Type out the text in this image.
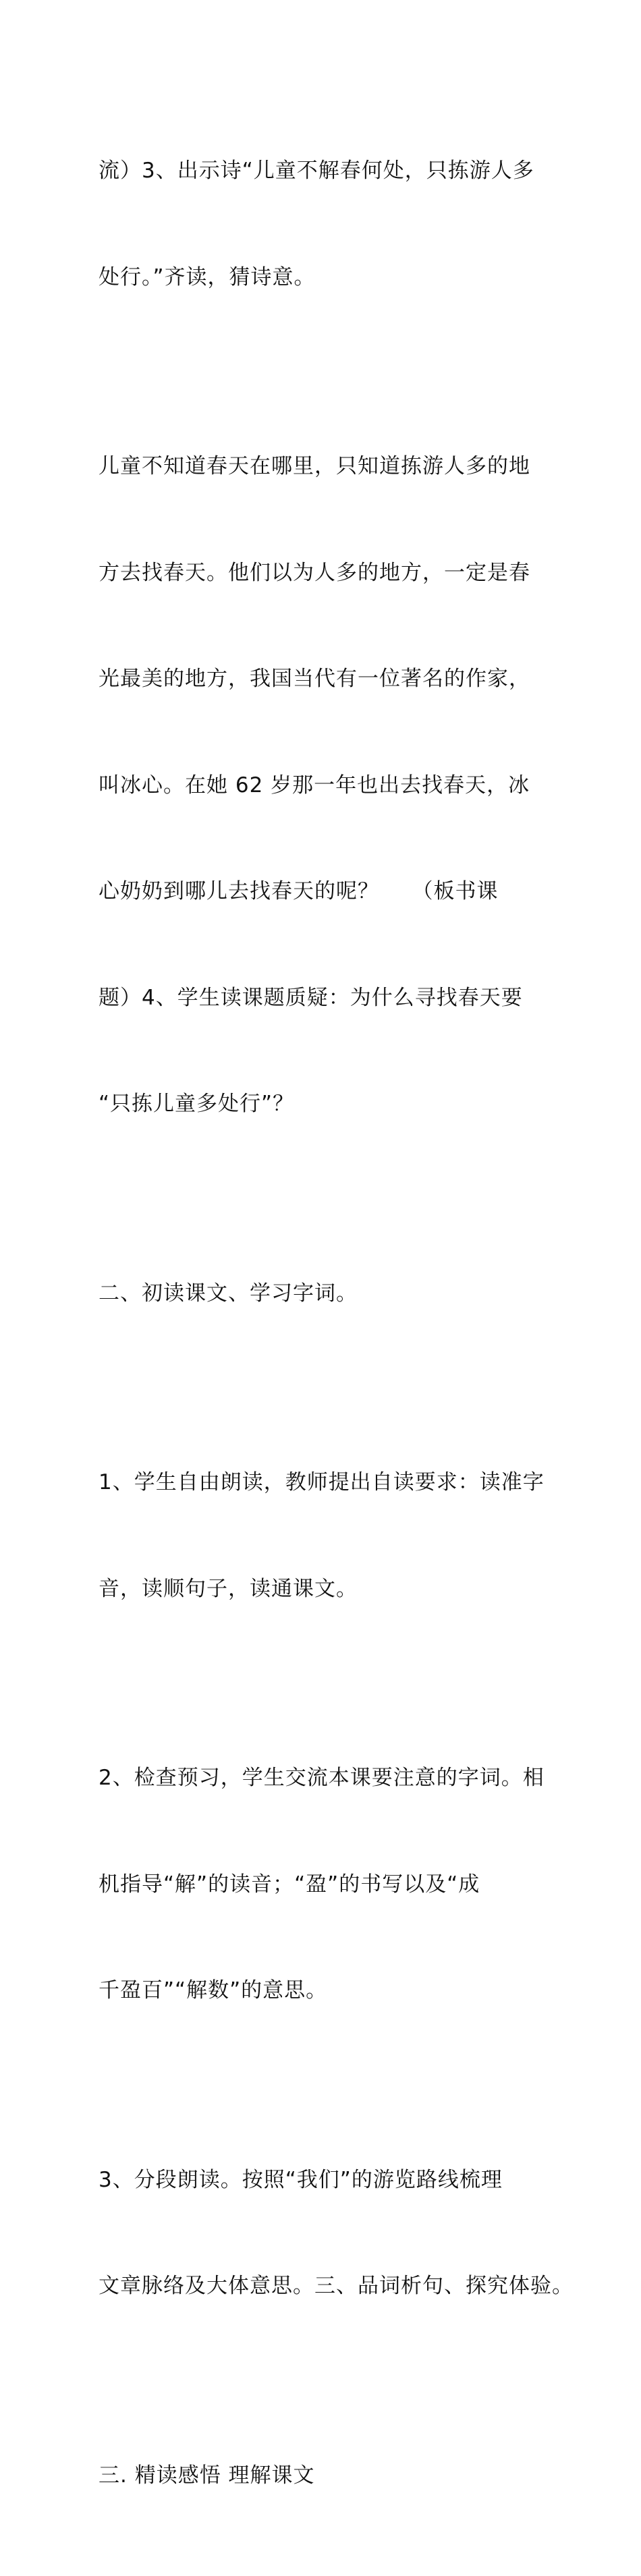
流）3、出示诗“儿童不解春何处，只拣游人多

处行。”齐读，猜诗意。

儿童不知道春天在哪里，只知道拣游人多的地

方去找春天。他们以为人多的地方，一定是春

光最美的地方，我国当代有一位著名的作家，

叫冰心。在她 62 岁那一年也出去找春天，冰

心奶奶到哪儿去找春天的呢？　　（板书课

题）4、学生读课题质疑：为什么寻找春天要

“只拣儿童多处行”？

二、初读课文、学习字词。

1、学生自由朗读，教师提出自读要求：读准字

音，读顺句子，读通课文。

2、检查预习，学生交流本课要注意的字词。相

机指导“解”的读音；“盈”的书写以及“成

千盈百”“解数”的意思。

3、分段朗读。按照“我们”的游览路线梳理

文章脉络及大体意思。三、品词析句、探究体验。

三. 精读感悟 理解课文
